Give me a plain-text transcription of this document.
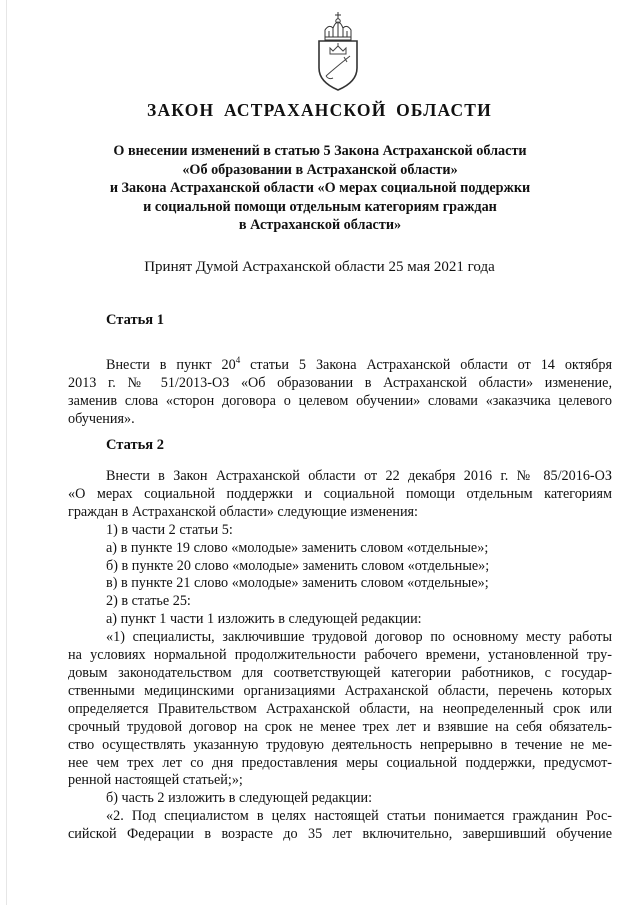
ЗАКОН АСТРАХАНСКОЙ ОБЛАСТИ
О внесении изменений в статью 5 Закона Астраханской области
«Об образовании в Астраханской области»
и Закона Астраханской области «О мерах социальной поддержки
и социальной помощи отдельным категориям граждан
в Астраханской области»
Принят Думой Астраханской области 25 мая 2021 года
Статья 1
Внести в пункт $20^4$ статьи 5 Закона Астраханской области от 14 октября
2013 г. № 51/2013-ОЗ «Об образовании в Астраханской области» изменение,
заменив слова «сторон договора о целевом обучении» словами «заказчика целевого
обучения».
Статья 2
Внести в Закон Астраханской области от 22 декабря 2016 г. № 85/2016-ОЗ
«О мерах социальной поддержки и социальной помощи отдельным категориям
граждан в Астраханской области» следующие изменения:
1) в части 2 статьи 5:
а) в пункте 19 слово «молодые» заменить словом «отдельные»;
б) в пункте 20 слово «молодые» заменить словом «отдельные»;
в) в пункте 21 слово «молодые» заменить словом «отдельные»;
2) в статье 25:
а) пункт 1 части 1 изложить в следующей редакции:
«1) специалисты, заключившие трудовой договор по основному месту работы
на условиях нормальной продолжительности рабочего времени, установленной тру-
довым законодательством для соответствующей категории работников, с государ-
ственными медицинскими организациями Астраханской области, перечень которых
определяется Правительством Астраханской области, на неопределенный срок или
срочный трудовой договор на срок не менее трех лет и взявшие на себя обязатель-
ство осуществлять указанную трудовую деятельность непрерывно в течение не ме-
нее чем трех лет со дня предоставления меры социальной поддержки, предусмот-
ренной настоящей статьей;»;
б) часть 2 изложить в следующей редакции:
«2. Под специалистом в целях настоящей статьи понимается гражданин Рос-
сийской Федерации в возрасте до 35 лет включительно, завершивший обучение
